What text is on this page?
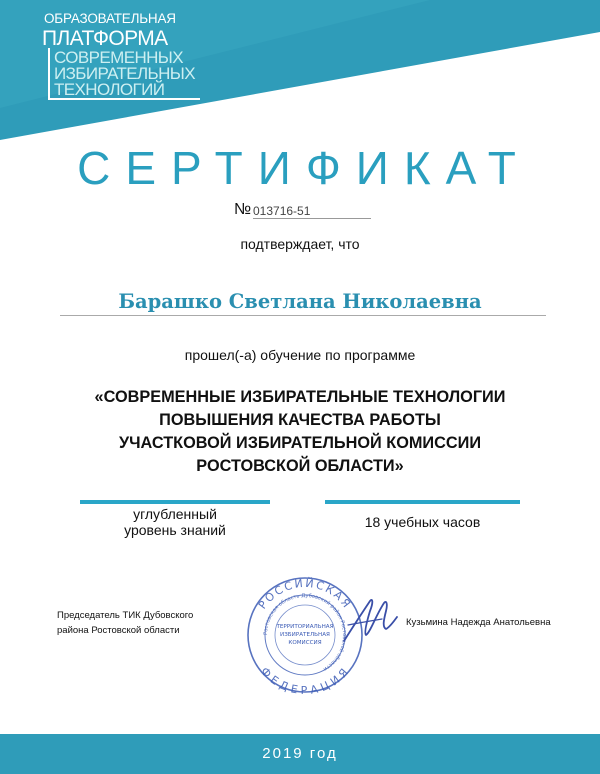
ОБРАЗОВАТЕЛЬНАЯ
ПЛАТФОРМА
СОВРЕМЕННЫХ
ИЗБИРАТЕЛЬНЫХ
ТЕХНОЛОГИЙ
СЕРТИФИКАТ
№ 013716-51
подтверждает, что
Барашко Светлана Николаевна
прошел(-а) обучение по программе
«СОВРЕМЕННЫЕ ИЗБИРАТЕЛЬНЫЕ ТЕХНОЛОГИИ
ПОВЫШЕНИЯ КАЧЕСТВА РАБОТЫ
УЧАСТКОВОЙ ИЗБИРАТЕЛЬНОЙ КОМИССИИ
РОСТОВСКОЙ ОБЛАСТИ»
углубленный
уровень знаний	18 учебных часов
Председатель ТИК Дубовского
района Ростовской области
РОССИЙСКАЯ
ФЕДЕРАЦИЯ
Ростовская область Дубовский район Ростовской области
ТЕРРИТОРИАЛЬНАЯ
ИЗБИРАТЕЛЬНАЯ
КОМИССИЯ
Кузьмина Надежда Анатольевна
2019 год
